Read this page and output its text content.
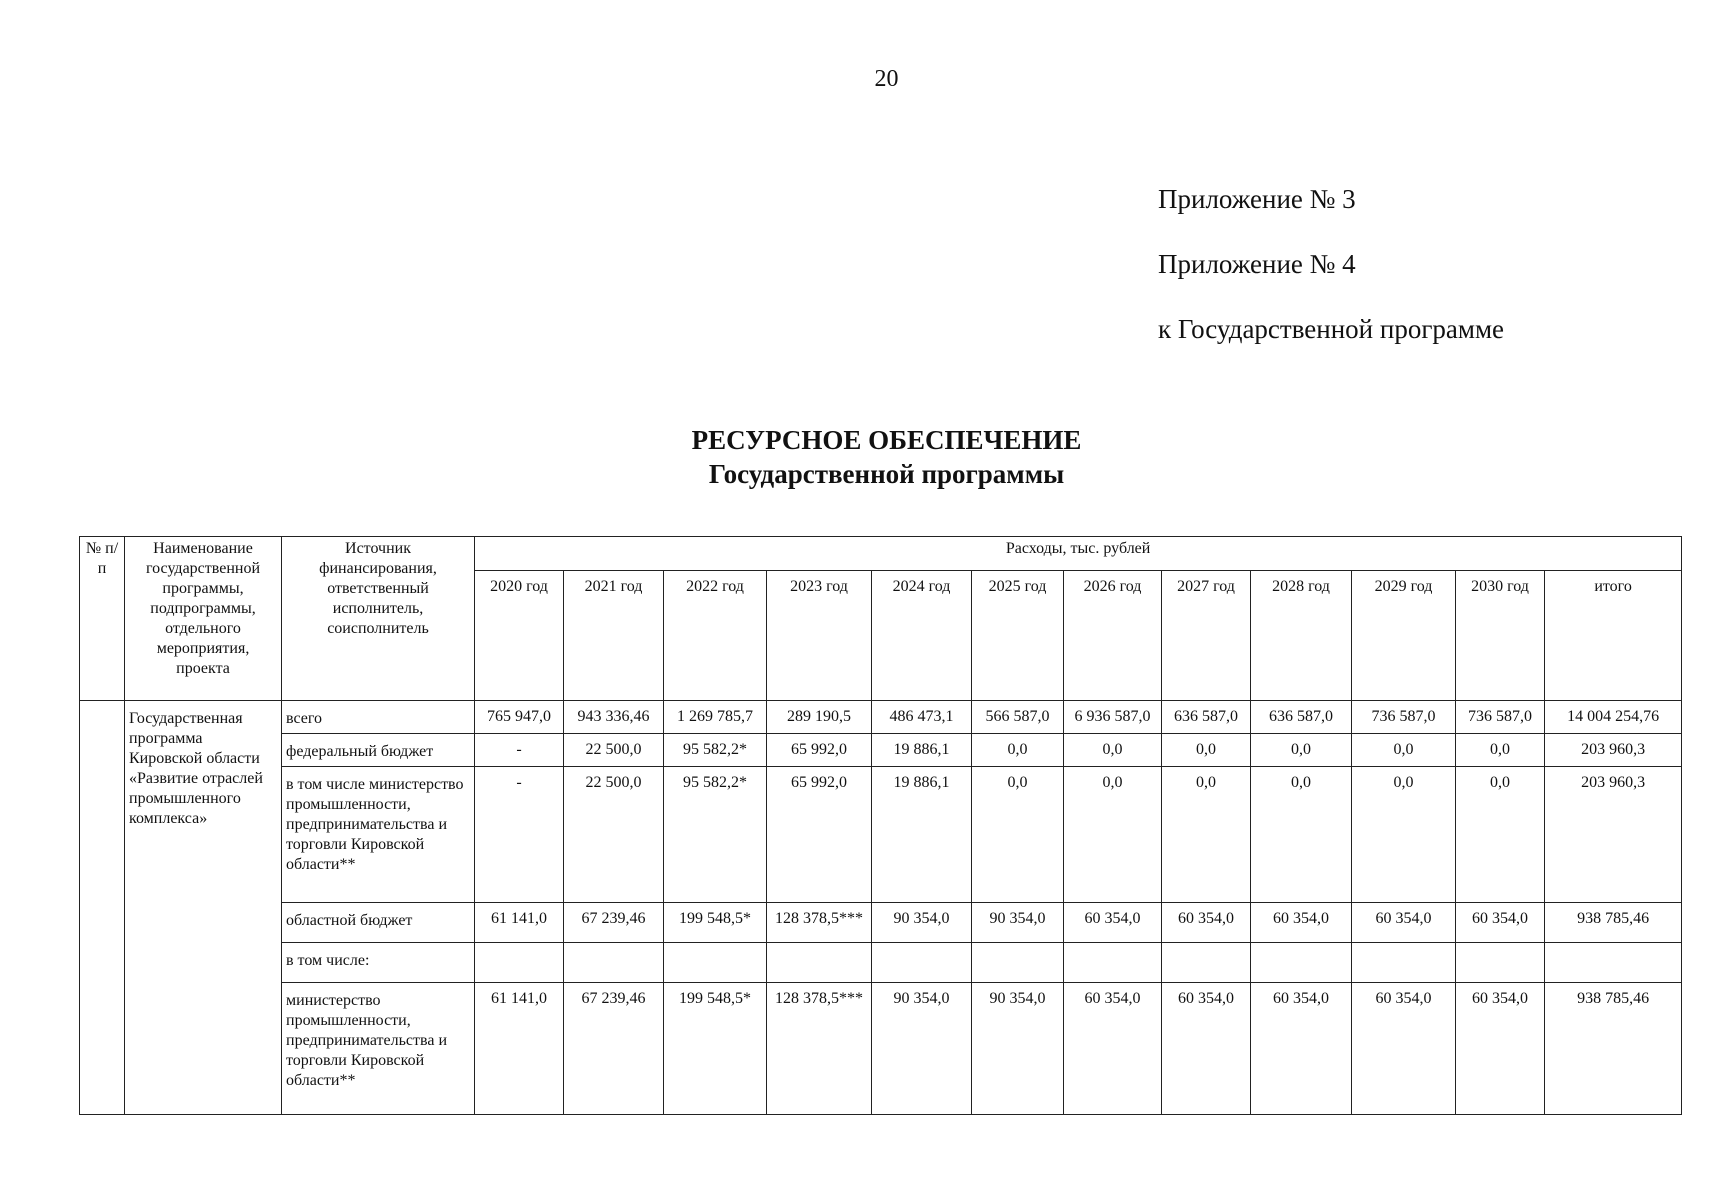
20
Приложение № 3
Приложение № 4
к Государственной программе
РЕСУРСНОЕ ОБЕСПЕЧЕНИЕ
Государственной программы
№ п/п	Наименование государственной программы, подпрограммы, отдельного мероприятия, проекта	Источник финансирования, ответственный исполнитель, соисполнитель	Расходы, тыс. рублей											
			2020 год	2021 год	2022 год	2023 год	2024 год	2025 год	2026 год	2027 год	2028 год	2029 год	2030 год	итого
	Государственная программа Кировской области «Развитие отраслей промышленного комплекса»	всего	765 947,0	943 336,46	1 269 785,7	289 190,5	486 473,1	566 587,0	6 936 587,0	636 587,0	636 587,0	736 587,0	736 587,0	14 004 254,76
		федеральный бюджет	-	22 500,0	95 582,2*	65 992,0	19 886,1	0,0	0,0	0,0	0,0	0,0	0,0	203 960,3
		в том числе министерство промышленности, предпринимательства и торговли Кировской области**	-	22 500,0	95 582,2*	65 992,0	19 886,1	0,0	0,0	0,0	0,0	0,0	0,0	203 960,3
		областной бюджет	61 141,0	67 239,46	199 548,5*	128 378,5***	90 354,0	90 354,0	60 354,0	60 354,0	60 354,0	60 354,0	60 354,0	938 785,46
		в том числе:												
		министерство промышленности, предпринимательства и торговли Кировской области**	61 141,0	67 239,46	199 548,5*	128 378,5***	90 354,0	90 354,0	60 354,0	60 354,0	60 354,0	60 354,0	60 354,0	938 785,46
